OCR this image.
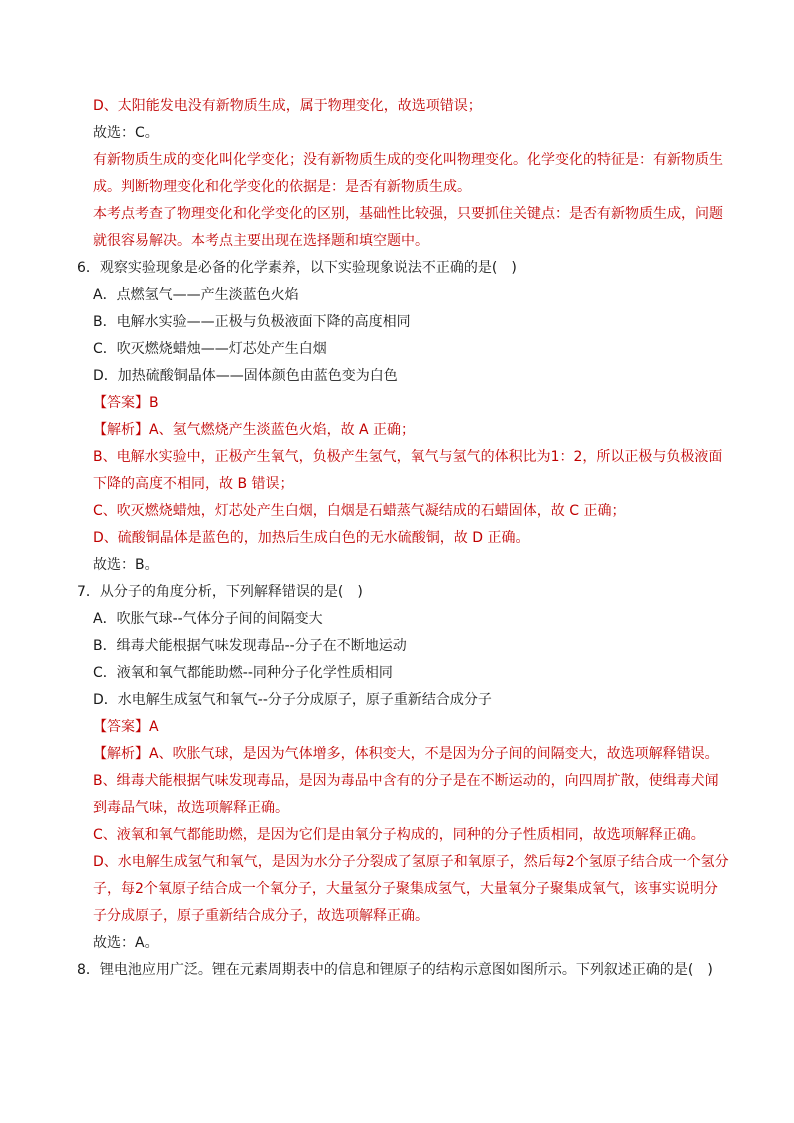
D、太阳能发电没有新物质生成，属于物理变化，故选项错误；
故选：C。
有新物质生成的变化叫化学变化；没有新物质生成的变化叫物理变化。化学变化的特征是：有新物质生
成。判断物理变化和化学变化的依据是：是否有新物质生成。
本考点考查了物理变化和化学变化的区别，基础性比较强，只要抓住关键点：是否有新物质生成，问题
就很容易解决。本考点主要出现在选择题和填空题中。
6．观察实验现象是必备的化学素养，以下实验现象说法不正确的是(　)
A．点燃氢气——产生淡蓝色火焰
B．电解水实验——正极与负极液面下降的高度相同
C．吹灭燃烧蜡烛——灯芯处产生白烟
D．加热硫酸铜晶体——固体颜色由蓝色变为白色
【答案】B
【解析】A、氢气燃烧产生淡蓝色火焰，故 A 正确；
B、电解水实验中，正极产生氧气，负极产生氢气，氧气与氢气的体积比为1：2，所以正极与负极液面
下降的高度不相同，故 B 错误；
C、吹灭燃烧蜡烛，灯芯处产生白烟，白烟是石蜡蒸气凝结成的石蜡固体，故 C 正确；
D、硫酸铜晶体是蓝色的，加热后生成白色的无水硫酸铜，故 D 正确。
故选：B。
7．从分子的角度分析，下列解释错误的是(　)
A．吹胀气球--气体分子间的间隔变大
B．缉毒犬能根据气味发现毒品--分子在不断地运动
C．液氧和氧气都能助燃--同种分子化学性质相同
D．水电解生成氢气和氧气--分子分成原子，原子重新结合成分子
【答案】A
【解析】A、吹胀气球，是因为气体增多，体积变大，不是因为分子间的间隔变大，故选项解释错误。
B、缉毒犬能根据气味发现毒品，是因为毒品中含有的分子是在不断运动的，向四周扩散，使缉毒犬闻
到毒品气味，故选项解释正确。
C、液氧和氧气都能助燃，是因为它们是由氧分子构成的，同种的分子性质相同，故选项解释正确。
D、水电解生成氢气和氧气，是因为水分子分裂成了氢原子和氧原子，然后每2个氢原子结合成一个氢分
子，每2个氧原子结合成一个氧分子，大量氢分子聚集成氢气，大量氧分子聚集成氧气，该事实说明分
子分成原子，原子重新结合成分子，故选项解释正确。
故选：A。
8．锂电池应用广泛。锂在元素周期表中的信息和锂原子的结构示意图如图所示。下列叙述正确的是(　)
